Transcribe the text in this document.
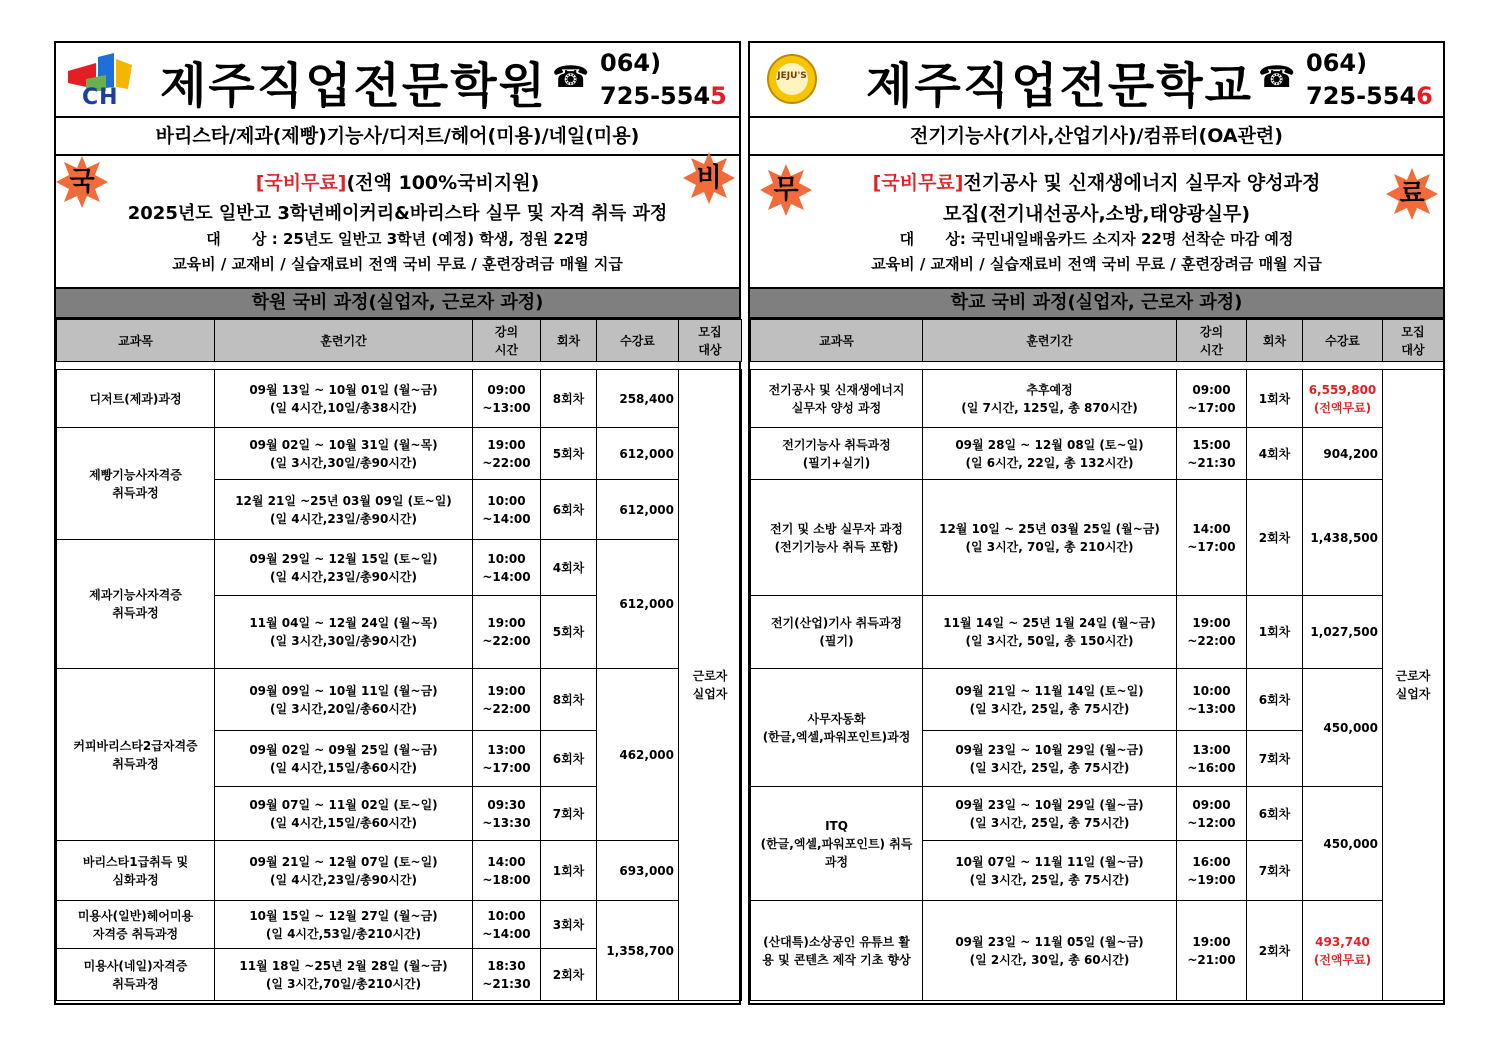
CH 제주직업전문학원 ☎ 064)
725-5545
바리스타/제과(제빵)기능사/디저트/헤어(미용)/네일(미용)
국	비
[국비무료](전액 100%국비지원)
2025년도 일반고 3학년베이커리&바리스타 실무 및 자격 취득 과정
대      상 : 25년도 일반고 3학년 (예정) 학생, 정원 22명
교육비 / 교재비 / 실습재료비 전액 국비 무료 / 훈련장려금 매월 지급
학원 국비 과정(실업자, 근로자 과정)
교과목	훈련기간	강의
시간	회차	수강료	모집
대상

디저트(제과)과정	09월 13일 ~ 10월 01일 (월~금)
(일 4시간,10일/총38시간)	09:00
~13:00	8회차	258,400	근로자
실업자

제빵기능사자격증
취득과정	09월 02일 ~ 10월 31일 (월~목)
(일 3시간,30일/총90시간)	19:00
~22:00	5회차	612,000	

	12월 21일 ~25년 03월 09일 (토~일)
(일 4시간,23일/총90시간)	10:00
~14:00	6회차	612,000	

제과기능사자격증
취득과정	09월 29일 ~ 12월 15일 (토~일)
(일 4시간,23일/총90시간)	10:00
~14:00	4회차	612,000	

	11월 04일 ~ 12월 24일 (월~목)
(일 3시간,30일/총90시간)	19:00
~22:00	5회차		

커피바리스타2급자격증
취득과정	09월 09일 ~ 10월 11일 (월~금)
(일 3시간,20일/총60시간)	19:00
~22:00	8회차	462,000	

	09월 02일 ~ 09월 25일 (월~금)
(일 4시간,15일/총60시간)	13:00
~17:00	6회차		

	09월 07일 ~ 11월 02일 (토~일)
(일 4시간,15일/총60시간)	09:30
~13:30	7회차		

바리스타1급취득 및
심화과정	09월 21일 ~ 12월 07일 (토~일)
(일 4시간,23일/총90시간)	14:00
~18:00	1회차	693,000	

미용사(일반)헤어미용
자격증 취득과정	10월 15일 ~ 12월 27일 (월~금)
(일 4시간,53일/총210시간)	10:00
~14:00	3회차	1,358,700	

미용사(네일)자격증
취득과정	11월 18일 ~25년 2월 28일 (월~금)
(일 3시간,70일/총210시간)	18:30
~21:30	2회차		
JEJU'S 제주직업전문학교 ☎ 064)
725-5546
전기기능사(기사,산업기사)/컴퓨터(OA관련)
무	료
[국비무료]전기공사 및 신재생에너지 실무자 양성과정
모집(전기내선공사,소방,태양광실무)
대      상: 국민내일배움카드 소지자 22명 선착순 마감 예정
교육비 / 교재비 / 실습재료비 전액 국비 무료 / 훈련장려금 매월 지급
학교 국비 과정(실업자, 근로자 과정)
교과목	훈련기간	강의
시간	회차	수강료	모집
대상

전기공사 및 신재생에너지
실무자 양성 과정	추후예정
(일 7시간, 125일, 총 870시간)	09:00
~17:00	1회차	6,559,800
(전액무료)	근로자
실업자

전기기능사 취득과정
(필기+실기)	09월 28일 ~ 12월 08일 (토~일)
(일 6시간, 22일, 총 132시간)	15:00
~21:30	4회차	904,200	

전기 및 소방 실무자 과정
(전기기능사 취득 포함)	12월 10일 ~ 25년 03월 25일 (월~금)
(일 3시간, 70일, 총 210시간)	14:00
~17:00	2회차	1,438,500	

전기(산업)기사 취득과정
(필기)	11월 14일 ~ 25년 1월 24일 (월~금)
(일 3시간, 50일, 총 150시간)	19:00
~22:00	1회차	1,027,500	

사무자동화
(한글,엑셀,파워포인트)과정	09월 21일 ~ 11월 14일 (토~일)
(일 3시간, 25일, 총 75시간)	10:00
~13:00	6회차	450,000	

	09월 23일 ~ 10월 29일 (월~금)
(일 3시간, 25일, 총 75시간)	13:00
~16:00	7회차		

ITQ
(한글,엑셀,파워포인트) 취득
과정	09월 23일 ~ 10월 29일 (월~금)
(일 3시간, 25일, 총 75시간)	09:00
~12:00	6회차	450,000	

	10월 07일 ~ 11월 11일 (월~금)
(일 3시간, 25일, 총 75시간)	16:00
~19:00	7회차		

(산대특)소상공인 유튜브 활
용 및 콘텐츠 제작 기초 향상	09월 23일 ~ 11월 05일 (월~금)
(일 2시간, 30일, 총 60시간)	19:00
~21:00	2회차	493,740
(전액무료)	
